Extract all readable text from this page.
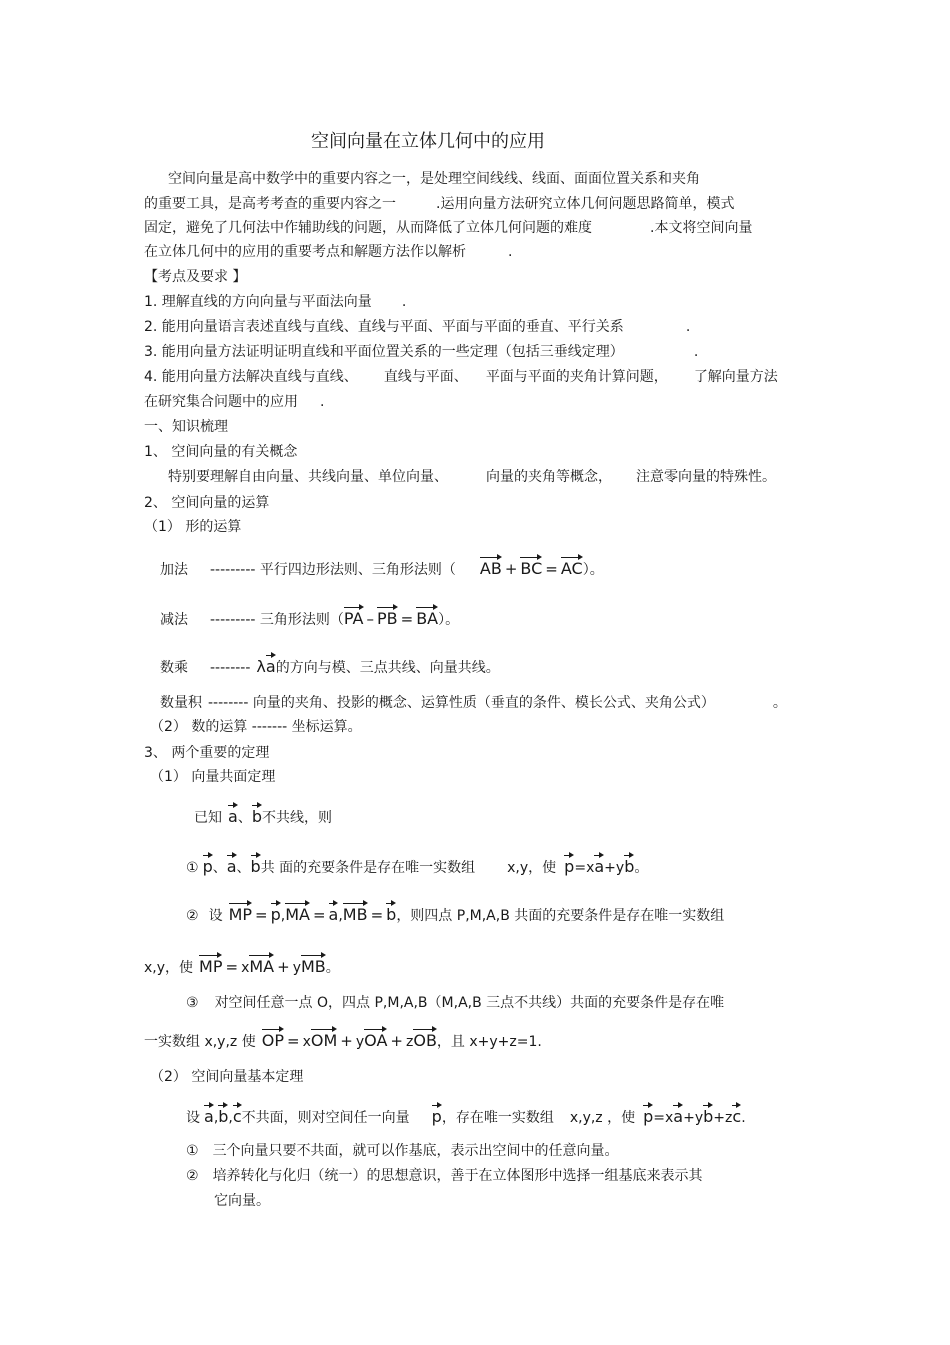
空间向量在立体几何中的应用
空间向量是高中数学中的重要内容之一，是处理空间线线、线面、面面位置关系和夹角
的重要工具，是高考考查的重要内容之一	.运用向量方法研究立体几何问题思路简单，模式
固定，避免了几何法中作辅助线的问题，从而降低了立体几何问题的难度	.本文将空间向量
在立体几何中的应用的重要考点和解题方法作以解析	.
【考点及要求 】
1. 理解直线的方向向量与平面法向量 .
2. 能用向量语言表述直线与直线、直线与平面、平面与平面的垂直、平行关系	.
3. 能用向量方法证明证明直线和平面位置关系的一些定理（包括三垂线定理）	.
4. 能用向量方法解决直线与直线、 直线与平面、 平面与平面的夹角计算问题， 了解向量方法
在研究集合问题中的应用 .
一、知识梳理
1、 空间向量的有关概念
特别要理解自由向量、共线向量、单位向量、	向量的夹角等概念， 注意零向量的特殊性。
2、 空间向量的运算
（1） 形的运算
加法 --------- 平行四边形法则、三角形法则（ AB + BC = AC）。
减法 --------- 三角形法则（PA – PB = BA）。
数乘 -------- λa的方向与模、三点共线、向量共线。
数量积 -------- 向量的夹角、投影的概念、运算性质（垂直的条件、模长公式、夹角公式）	。
（2） 数的运算 ------- 坐标运算。
3、 两个重要的定理
（1） 向量共面定理
已知 a、b不共线，则
① p、a、b共 面的充要条件是存在唯一实数组 x,y，使 p=xa+yb。
② 设 MP = p,MA = a,MB = b，则四点 P,M,A,B 共面的充要条件是存在唯一实数组
x,y，使 MP = xMA + yMB。
③ 对空间任意一点 O，四点 P,M,A,B（M,A,B 三点不共线）共面的充要条件是存在唯
一实数组 x,y,z 使 OP = xOM + yOA + zOB，且 x+y+z=1.
（2） 空间向量基本定理
设 a,b,c不共面，则对空间任一向量 p，存在唯一实数组 x,y,z ，使 p=xa+yb+zc.
① 三个向量只要不共面，就可以作基底，表示出空间中的任意向量。
② 培养转化与化归（统一）的思想意识，善于在立体图形中选择一组基底来表示其
它向量。
